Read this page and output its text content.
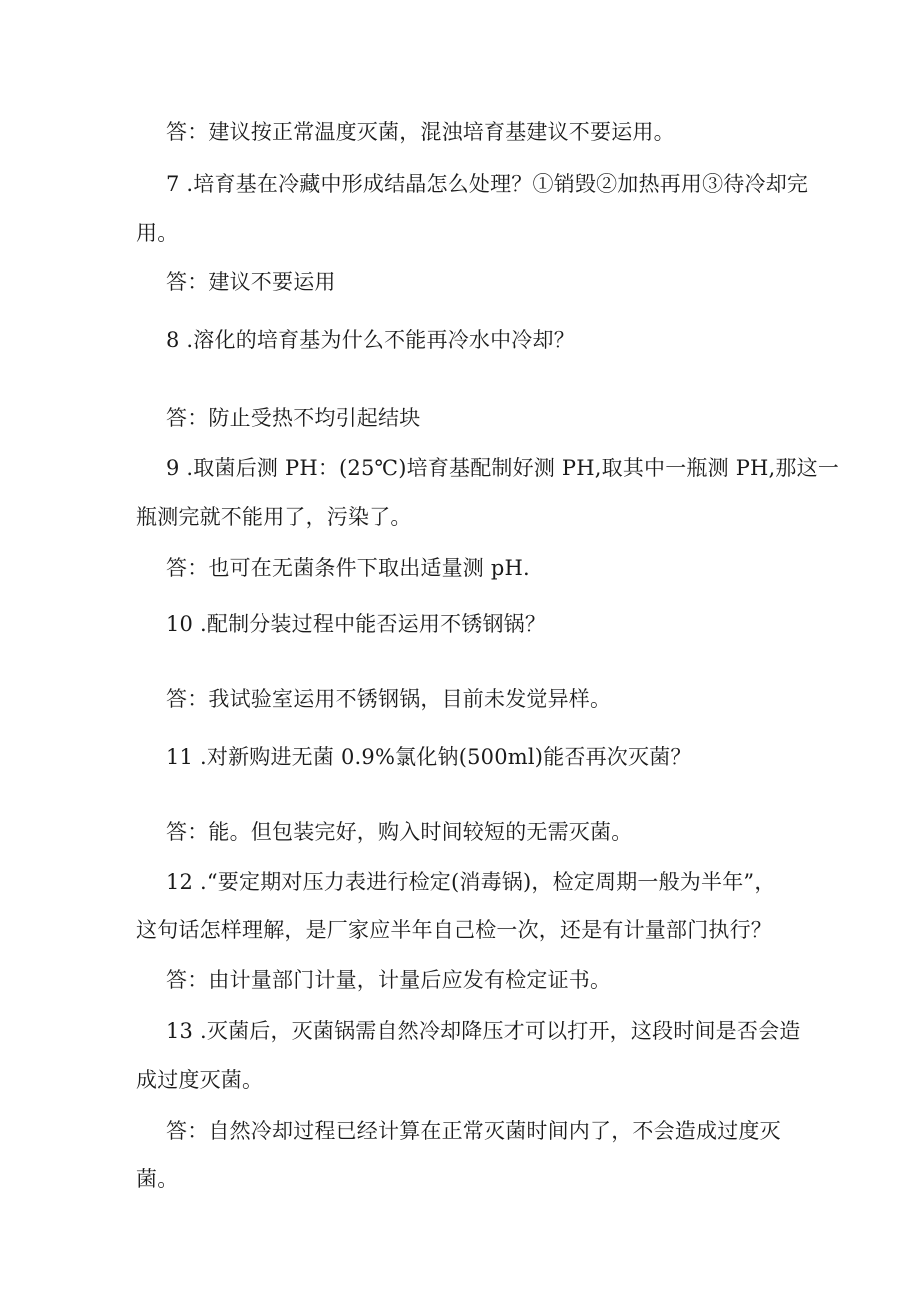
答：建议按正常温度灭菌，混浊培育基建议不要运用。
7 .培育基在冷藏中形成结晶怎么处理？①销毁②加热再用③待冷却完
用。
答：建议不要运用
8 .溶化的培育基为什么不能再冷水中冷却？
答：防止受热不均引起结块
9 .取菌后测 PH：(25℃)培育基配制好测 PH,取其中一瓶测 PH,那这一
瓶测完就不能用了，污染了。
答：也可在无菌条件下取出适量测 pH.
10 .配制分装过程中能否运用不锈钢锅？
答：我试验室运用不锈钢锅，目前未发觉异样。
11 .对新购进无菌 0.9%氯化钠(500ml)能否再次灭菌？
答：能。但包装完好，购入时间较短的无需灭菌。
12 .“要定期对压力表进行检定(消毒锅)，检定周期一般为半年”，
这句话怎样理解，是厂家应半年自己检一次，还是有计量部门执行？
答：由计量部门计量，计量后应发有检定证书。
13 .灭菌后，灭菌锅需自然冷却降压才可以打开，这段时间是否会造
成过度灭菌。
答：自然冷却过程已经计算在正常灭菌时间内了，不会造成过度灭
菌。
